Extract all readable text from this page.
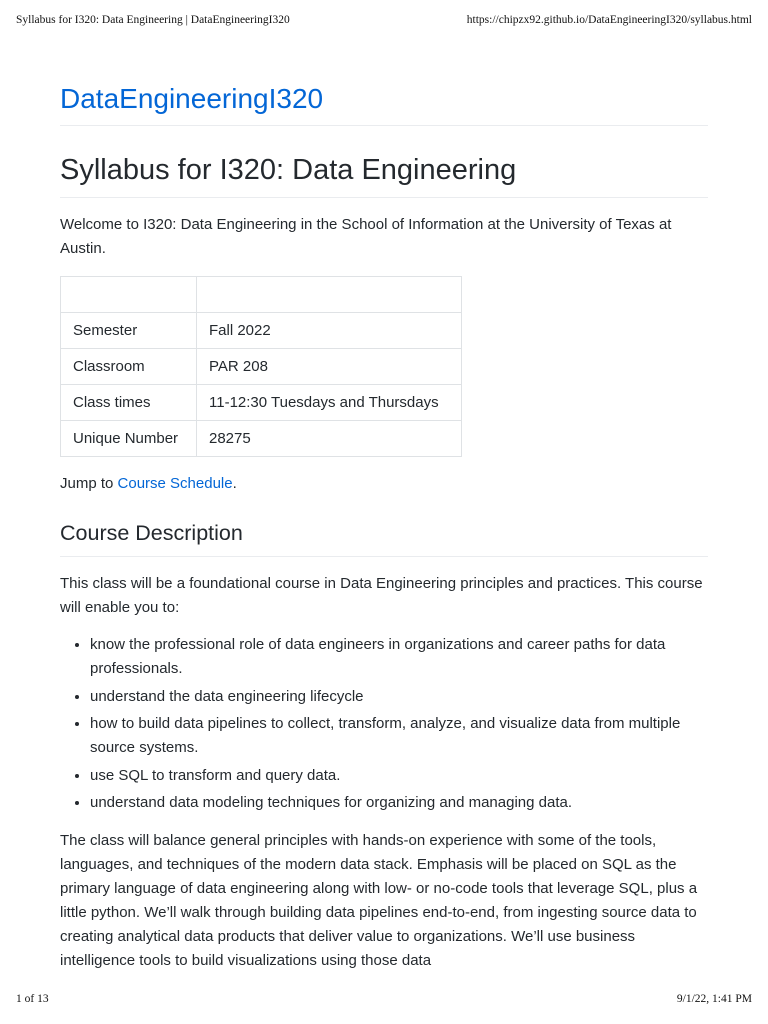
Syllabus for I320: Data Engineering | DataEngineeringI320	https://chipzx92.github.io/DataEngineeringI320/syllabus.html
DataEngineeringI320
Syllabus for I320: Data Engineering

Welcome to I320: Data Engineering in the School of Information at the University of Texas at Austin.

Semester	Fall 2022
Classroom	PAR 208
Class times	11-12:30 Tuesdays and Thursdays
Unique Number	28275

Jump to Course Schedule.

Course Description

This class will be a foundational course in Data Engineering principles and practices. This course will enable you to:

• know the professional role of data engineers in organizations and career paths for data professionals.
• understand the data engineering lifecycle
• how to build data pipelines to collect, transform, analyze, and visualize data from multiple source systems.
• use SQL to transform and query data.
• understand data modeling techniques for organizing and managing data.

The class will balance general principles with hands-on experience with some of the tools, languages, and techniques of the modern data stack. Emphasis will be placed on SQL as the primary language of data engineering along with low- or no-code tools that leverage SQL, plus a little python. We’ll walk through building data pipelines end-to-end, from ingesting source data to creating analytical data products that deliver value to organizations. We’ll use business intelligence tools to build visualizations using those data

1 of 13	9/1/22, 1:41 PM
